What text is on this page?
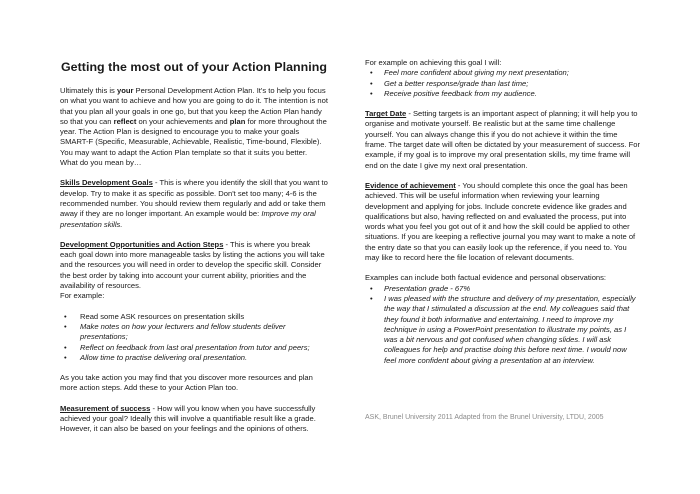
Getting the most out of your Action Planning

Ultimately this is your Personal Development Action Plan. It's to help you focus on what you want to achieve and how you are going to do it. The intention is not that you plan all your goals in one go, but that you keep the Action Plan handy so that you can reflect on your achievements and plan for more throughout the year. The Action Plan is designed to encourage you to make your goals SMART-F (Specific, Measurable, Achievable, Realistic, Time-bound, Flexible). You may want to adapt the Action Plan template so that it suits you better.

What do you mean by…

Skills Development Goals - This is where you identify the skill that you want to develop. Try to make it as specific as possible. Don't set too many; 4-6 is the recommended number. You should review them regularly and add or take them away if they are no longer important. An example would be: Improve my oral presentation skills.

Development Opportunities and Action Steps - This is where you break each goal down into more manageable tasks by listing the actions you will take and the resources you will need in order to develop the specific skill. Consider the best order by taking into account your current ability, priorities and the availability of resources.

For example:

• Read some ASK resources on presentation skills
• Make notes on how your lecturers and fellow students deliver presentations;
• Reflect on feedback from last oral presentation from tutor and peers;
• Allow time to practise delivering oral presentation.

As you take action you may find that you discover more resources and plan more action steps. Add these to your Action Plan too.

Measurement of success - How will you know when you have successfully achieved your goal? Ideally this will involve a quantifiable result like a grade. However, it can also be based on your feelings and the opinions of others.

For example on achieving this goal I will:

• Feel more confident about giving my next presentation;
• Get a better response/grade than last time;
• Receive positive feedback from my audience.

Target Date - Setting targets is an important aspect of planning; it will help you to organise and motivate yourself. Be realistic but at the same time challenge yourself. You can always change this if you do not achieve it within the time frame. The target date will often be dictated by your measurement of success. For example, if my goal is to improve my oral presentation skills, my time frame will end on the date I give my next oral presentation.

Evidence of achievement - You should complete this once the goal has been achieved. This will be useful information when reviewing your learning development and applying for jobs. Include concrete evidence like grades and qualifications but also, having reflected on and evaluated the process, put into words what you feel you got out of it and how the skill could be applied to other situations. If you are keeping a reflective journal you may want to make a note of the entry date so that you can easily look up the reference, if you need to. You may like to record here the file location of relevant documents.

Examples can include both factual evidence and personal observations:

• Presentation grade - 67%
• I was pleased with the structure and delivery of my presentation, especially the way that I stimulated a discussion at the end. My colleagues said that they found it both informative and entertaining. I need to improve my technique in using a PowerPoint presentation to illustrate my points, as I was a bit nervous and got confused when changing slides. I will ask colleagues for help and practise doing this before next time. I would now feel more confident about giving a presentation at an interview.

ASK, Brunel University 2011 Adapted from the Brunel University, LTDU, 2005
